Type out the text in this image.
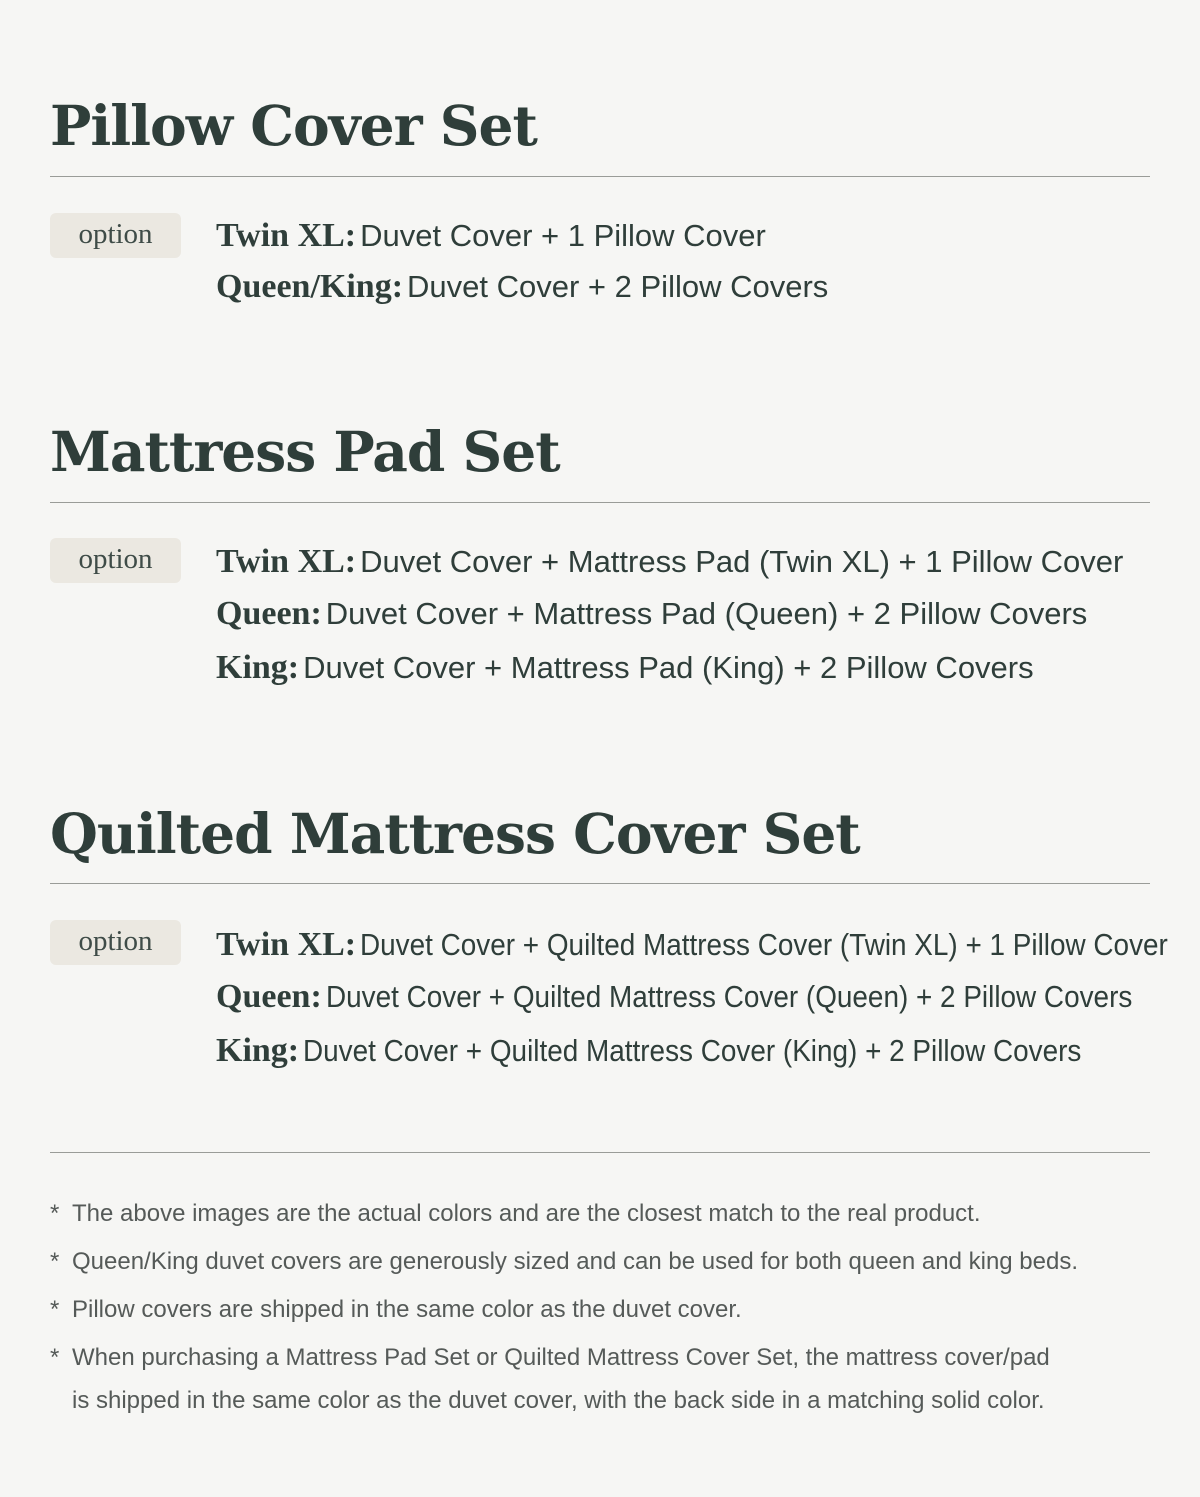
Pillow Cover Set
option Twin XL: Duvet Cover + 1 Pillow Cover
Queen/King: Duvet Cover + 2 Pillow Covers
Mattress Pad Set
option Twin XL: Duvet Cover + Mattress Pad (Twin XL) + 1 Pillow Cover
Queen: Duvet Cover + Mattress Pad (Queen) + 2 Pillow Covers
King: Duvet Cover + Mattress Pad (King) + 2 Pillow Covers
Quilted Mattress Cover Set
option Twin XL: Duvet Cover + Quilted Mattress Cover (Twin XL) + 1 Pillow Cover
Queen: Duvet Cover + Quilted Mattress Cover (Queen) + 2 Pillow Covers
King: Duvet Cover + Quilted Mattress Cover (King) + 2 Pillow Covers
* The above images are the actual colors and are the closest match to the real product.
* Queen/King duvet covers are generously sized and can be used for both queen and king beds.
* Pillow covers are shipped in the same color as the duvet cover.
* When purchasing a Mattress Pad Set or Quilted Mattress Cover Set, the mattress cover/pad
is shipped in the same color as the duvet cover, with the back side in a matching solid color.
